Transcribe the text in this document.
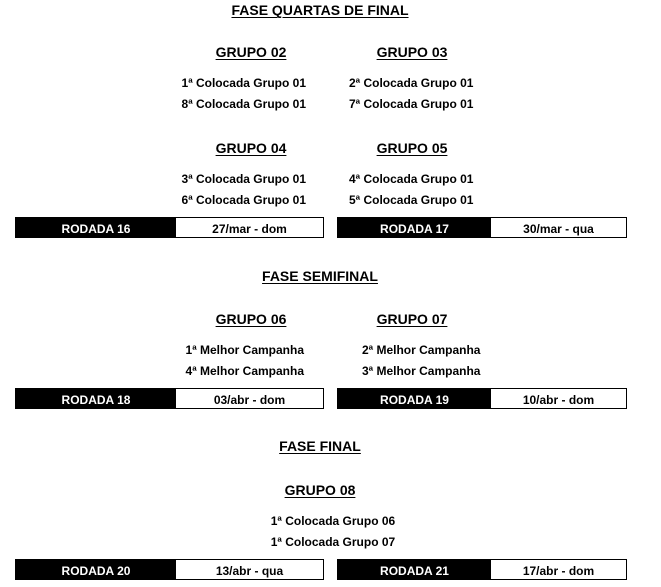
FASE QUARTAS DE FINAL
GRUPO 02	GRUPO 03
1ª Colocada Grupo 01
8ª Colocada Grupo 01
2ª Colocada Grupo 01
7ª Colocada Grupo 01
GRUPO 04	GRUPO 05
3ª Colocada Grupo 01
6ª Colocada Grupo 01
4ª Colocada Grupo 01
5ª Colocada Grupo 01
RODADA 16	27/mar - dom	RODADA 17	30/mar - qua
FASE SEMIFINAL
GRUPO 06	GRUPO 07
1ª Melhor Campanha
4ª Melhor Campanha
2ª Melhor Campanha
3ª Melhor Campanha
RODADA 18	03/abr - dom	RODADA 19	10/abr - dom
FASE FINAL
GRUPO 08
1ª Colocada Grupo 06
1ª Colocada Grupo 07
RODADA 20	13/abr - qua	RODADA 21	17/abr - dom
